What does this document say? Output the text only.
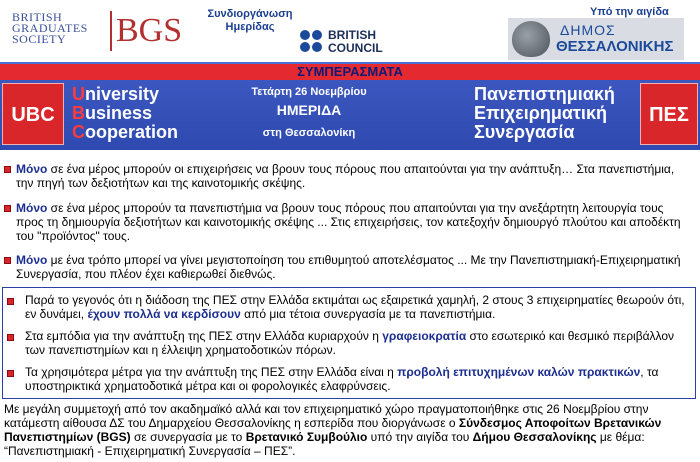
BRITISH
GRADUATES
SOCIETY	BGS	Συνδιοργάνωση
Ημερίδας
BRITISH
COUNCIL
Υπό την αιγίδα
ΔΗΜΟΣ
ΘΕΣΣΑΛΟΝΙΚΗΣ
ΣΥΜΠΕΡΑΣΜΑΤΑ
UBC
University
Business
Cooperation
Τετάρτη 26 Νοεμβρίου
ΗΜΕΡΙΔΑ
στη Θεσσαλονίκη
Πανεπιστημιακή
Επιχειρηματική
Συνεργασία
ΠΕΣ
Μόνο σε ένα μέρος μπορούν οι επιχειρήσεις να βρουν τους πόρους που απαιτούνται για την ανάπτυξη… Στα πανεπιστήμια, την πηγή των δεξιοτήτων και της καινοτομικής σκέψης.
Μόνο σε ένα μέρος μπορούν τα πανεπιστήμια να βρουν τους πόρους που απαιτούνται για την ανεξάρτητη λειτουργία τους προς τη δημιουργία δεξιοτήτων και καινοτομικής σκέψης ... Στις επιχειρήσεις, τον κατεξοχήν δημιουργό πλούτου και αποδέκτη του "προϊόντος" τους.
Μόνο με ένα τρόπο μπορεί να γίνει μεγιστοποίηση του επιθυμητού αποτελέσματος ... Με την Πανεπιστημιακή-Επιχειρηματική Συνεργασία, που πλέον έχει καθιερωθεί διεθνώς.
Παρά το γεγονός ότι η διάδοση της ΠΕΣ στην Ελλάδα εκτιμάται ως εξαιρετικά χαμηλή, 2 στους 3 επιχειρηματίες θεωρούν ότι, εν δυνάμει, έχουν πολλά να κερδίσουν από μια τέτοια συνεργασία με τα πανεπιστήμια.
Στα εμπόδια για την ανάπτυξη της ΠΕΣ στην Ελλάδα κυριαρχούν η γραφειοκρατία στο εσωτερικό και θεσμικό περιβάλλον των πανεπιστημίων και η έλλειψη χρηματοδοτικών πόρων.
Τα χρησιμότερα μέτρα για την ανάπτυξη της ΠΕΣ στην Ελλάδα είναι η προβολή επιτυχημένων καλών πρακτικών, τα υποστηρικτικά χρηματοδοτικά μέτρα και οι φορολογικές ελαφρύνσεις.
Με μεγάλη συμμετοχή από τον ακαδημαϊκό αλλά και τον επιχειρηματικό χώρο πραγματοποιήθηκε στις 26 Νοεμβρίου στην κατάμεστη αίθουσα ΔΣ του Δημαρχείου Θεσσαλονίκης η εσπερίδα που διοργάνωσε ο Σύνδεσμος Αποφοίτων Βρετανικών Πανεπιστημίων (BGS) σε συνεργασία με το Βρετανικό Συμβούλιο υπό την αιγίδα του Δήμου Θεσσαλονίκης με θέμα: “Πανεπιστημιακή - Επιχειρηματική Συνεργασία – ΠΕΣ”.
